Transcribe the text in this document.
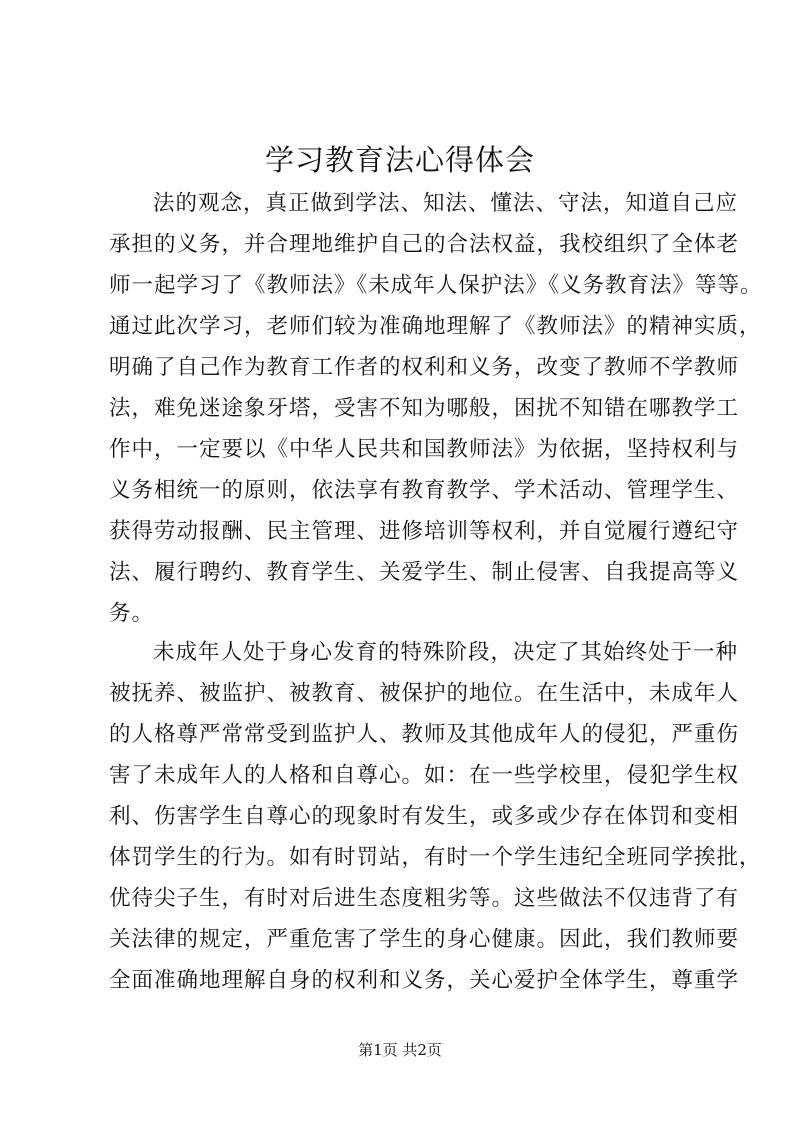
学习教育法心得体会
法的观念，真正做到学法、知法、懂法、守法，知道自己应
承担的义务，并合理地维护自己的合法权益，我校组织了全体老
师一起学习了《教师法》《未成年人保护法》《义务教育法》等等。
通过此次学习，老师们较为准确地理解了《教师法》的精神实质，
明确了自己作为教育工作者的权利和义务，改变了教师不学教师
法，难免迷途象牙塔，受害不知为哪般，困扰不知错在哪教学工
作中，一定要以《中华人民共和国教师法》为依据，坚持权利与
义务相统一的原则，依法享有教育教学、学术活动、管理学生、
获得劳动报酬、民主管理、进修培训等权利，并自觉履行遵纪守
法、履行聘约、教育学生、关爱学生、制止侵害、自我提高等义
务。
未成年人处于身心发育的特殊阶段，决定了其始终处于一种
被抚养、被监护、被教育、被保护的地位。在生活中，未成年人
的人格尊严常常受到监护人、教师及其他成年人的侵犯，严重伤
害了未成年人的人格和自尊心。如：在一些学校里，侵犯学生权
利、伤害学生自尊心的现象时有发生，或多或少存在体罚和变相
体罚学生的行为。如有时罚站，有时一个学生违纪全班同学挨批，
优待尖子生，有时对后进生态度粗劣等。这些做法不仅违背了有
关法律的规定，严重危害了学生的身心健康。因此，我们教师要
全面准确地理解自身的权利和义务，关心爱护全体学生，尊重学
第1页 共2页
